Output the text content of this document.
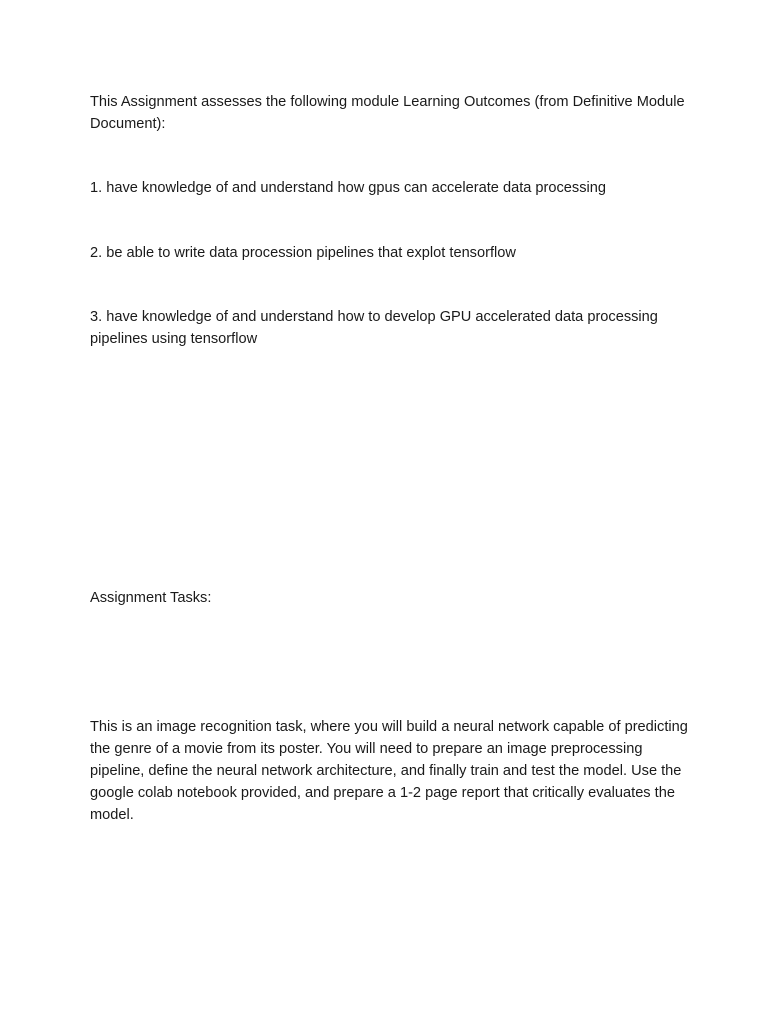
This Assignment assesses the following module Learning Outcomes (from Definitive Module Document):

1. have knowledge of and understand how gpus can accelerate data processing

2. be able to write data procession pipelines that explot tensorflow

3. have knowledge of and understand how to develop GPU accelerated data processing pipelines using tensorflow

Assignment Tasks:

This is an image recognition task, where you will build a neural network capable of predicting the genre of a movie from its poster. You will need to prepare an image preprocessing pipeline, define the neural network architecture, and finally train and test the model. Use the google colab notebook provided, and prepare a 1-2 page report that critically evaluates the model.
